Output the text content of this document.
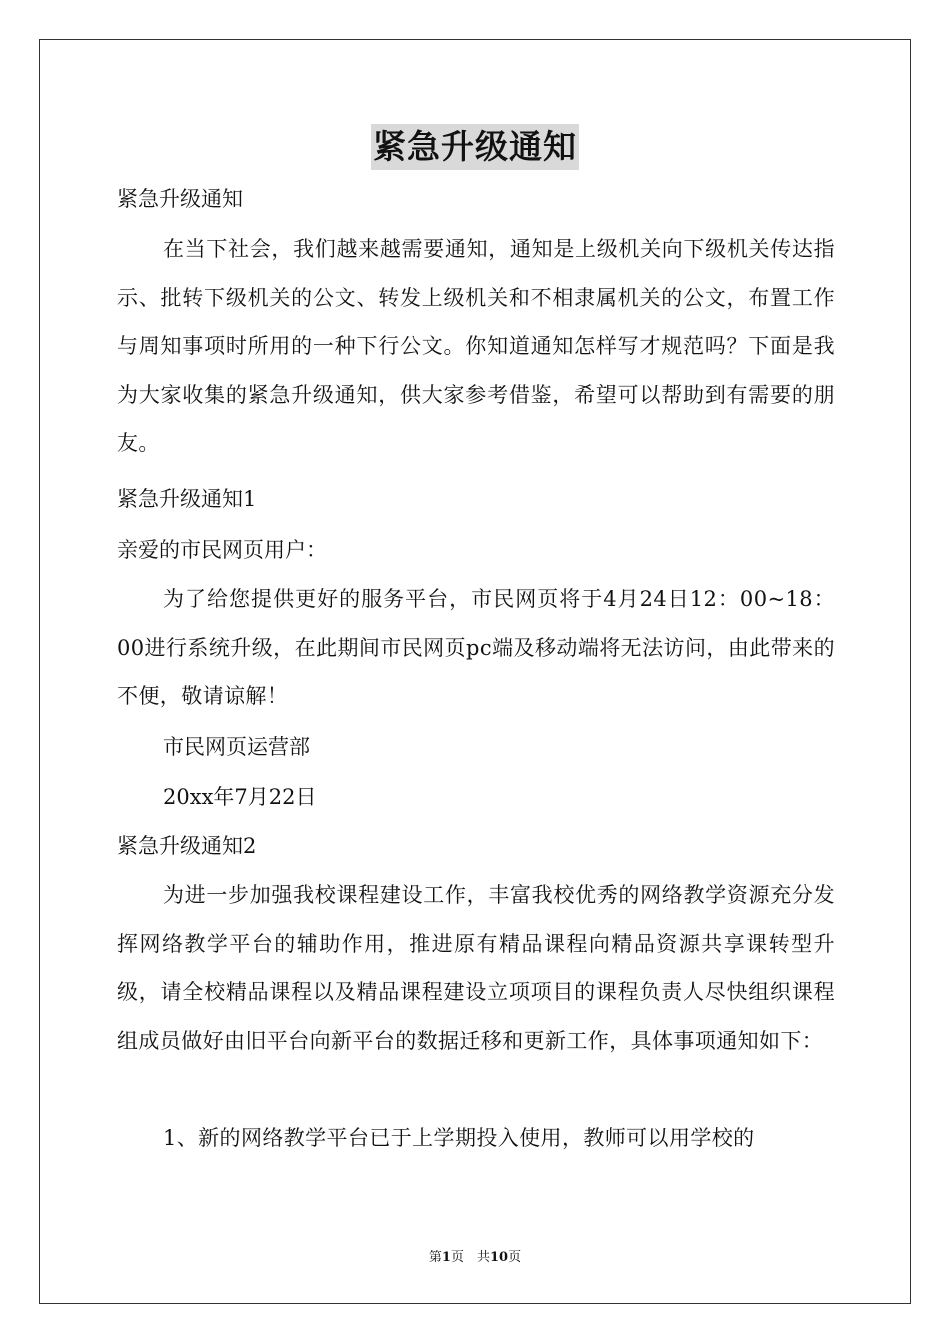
紧急升级通知
紧急升级通知
在当下社会，我们越来越需要通知，通知是上级机关向下级机关传达指示、批转下级机关的公文、转发上级机关和不相隶属机关的公文，布置工作与周知事项时所用的一种下行公文。你知道通知怎样写才规范吗？下面是我为大家收集的紧急升级通知，供大家参考借鉴，希望可以帮助到有需要的朋友。
紧急升级通知1
亲爱的市民网页用户：
为了给您提供更好的服务平台，市民网页将于4月24日12：00~18：00进行系统升级，在此期间市民网页pc端及移动端将无法访问，由此带来的不便，敬请谅解！
市民网页运营部
20xx年7月22日
紧急升级通知2
为进一步加强我校课程建设工作，丰富我校优秀的网络教学资源充分发挥网络教学平台的辅助作用，推进原有精品课程向精品资源共享课转型升级，请全校精品课程以及精品课程建设立项项目的课程负责人尽快组织课程组成员做好由旧平台向新平台的数据迁移和更新工作，具体事项通知如下：
1、新的网络教学平台已于上学期投入使用，教师可以用学校的
第1页　共10页
